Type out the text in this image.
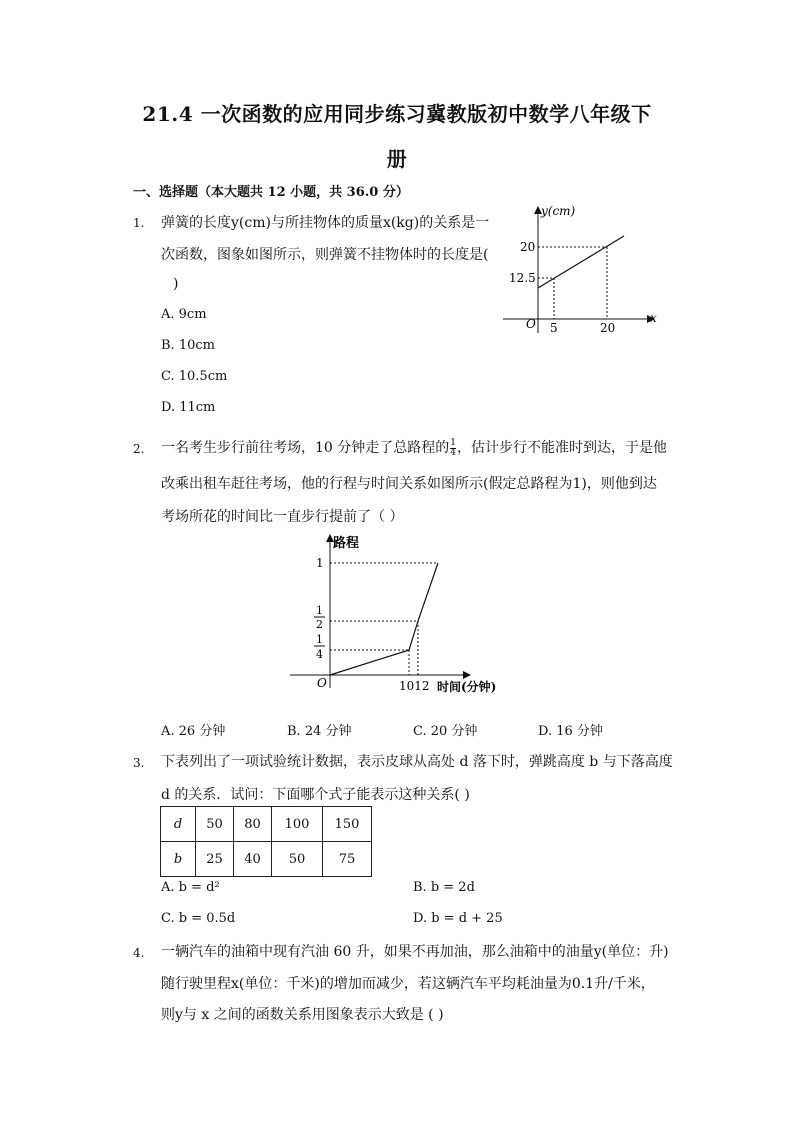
21.4 一次函数的应用同步练习冀教版初中数学八年级下
册
一、选择题（本大题共 12 小题，共 36.0 分）
1. 弹簧的长度y(cm)与所挂物体的质量x(kg)的关系是一
次函数，图象如图所示，则弹簧不挂物体时的长度是(
)
A. 9cm
B. 10cm
C. 10.5cm
D. 11cm
y(cm)
x
O
20
12.5
5	20
2. 一名考生步行前往考场，10 分钟走了总路程的 $\frac{1}{4}$ ，估计步行不能准时到达，于是他
改乘出租车赶往考场，他的行程与时间关系如图所示(假定总路程为1)，则他到达
考场所花的时间比一直步行提前了（ ）
路程
时间(分钟)
O
1
1
2
1
4
1012
A. 26 分钟	B. 24 分钟	C. 20 分钟	D. 16 分钟
3. 下表列出了一项试验统计数据，表示皮球从高处 d 落下时，弹跳高度 b 与下落高度
d 的关系．试问：下面哪个式子能表示这种关系( )
d	50	80	100	150
b	25	40	50	75
A. b = d²	B. b = 2d
C. b = 0.5d	D. b = d + 25
4. 一辆汽车的油箱中现有汽油 60 升，如果不再加油，那么油箱中的油量y(单位：升)
随行驶里程x(单位：千米)的增加而减少，若这辆汽车平均耗油量为0.1升/千米，
则y与 x 之间的函数关系用图象表示大致是 ( )
